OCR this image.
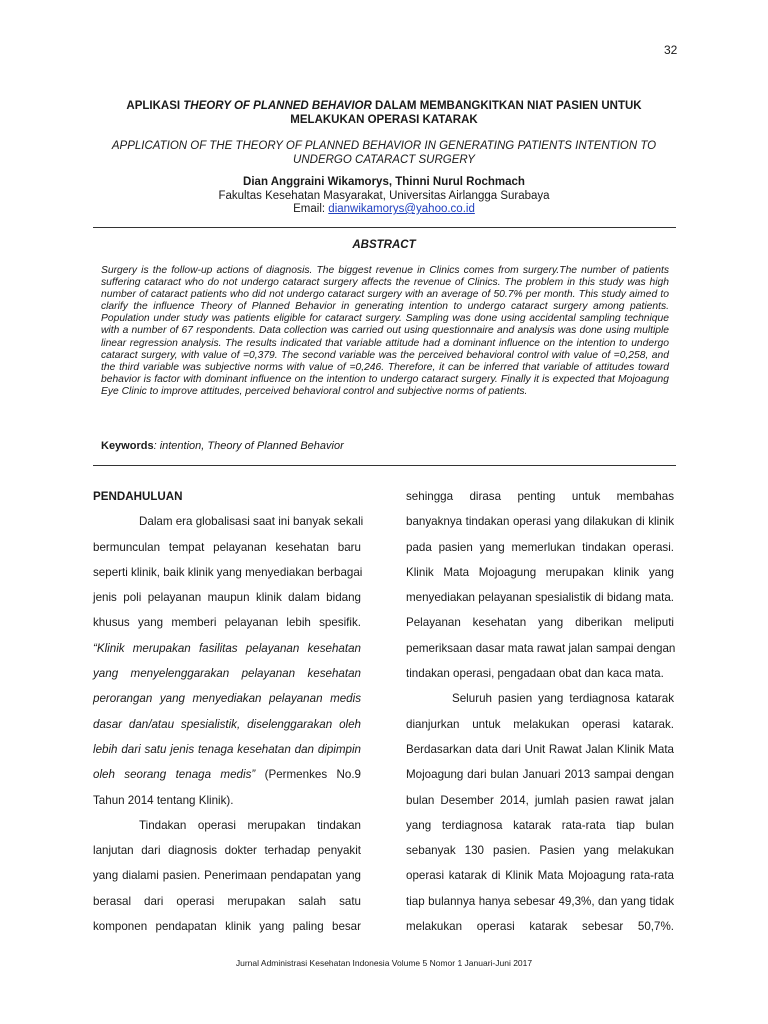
32
APLIKASI THEORY OF PLANNED BEHAVIOR DALAM MEMBANGKITKAN NIAT PASIEN UNTUK
MELAKUKAN OPERASI KATARAK
APPLICATION OF THE THEORY OF PLANNED BEHAVIOR IN GENERATING PATIENTS INTENTION TO
UNDERGO CATARACT SURGERY
Dian Anggraini Wikamorys, Thinni Nurul Rochmach
Fakultas Kesehatan Masyarakat, Universitas Airlangga Surabaya
Email: dianwikamorys@yahoo.co.id
ABSTRACT

Surgery is the follow-up actions of diagnosis. The biggest revenue in Clinics comes from surgery.The number of patients suffering cataract who do not undergo cataract surgery affects the revenue of Clinics. The problem in this study was high number of cataract patients who did not undergo cataract surgery with an average of 50.7% per month. This study aimed to clarify the influence Theory of Planned Behavior in generating intention to undergo cataract surgery among patients. Population under study was patients eligible for cataract surgery. Sampling was done using accidental sampling technique with a number of 67 respondents. Data collection was carried out using questionnaire and analysis was done using multiple linear regression analysis. The results indicated that variable attitude had a dominant influence on the intention to undergo cataract surgery, with value of =0,379. The second variable was the perceived behavioral control with value of =0,258, and the third variable was subjective norms with value of =0,246. Therefore, it can be inferred that variable of attitudes toward behavior is factor with dominant influence on the intention to undergo cataract surgery. Finally it is expected that Mojoagung Eye Clinic to improve attitudes, perceived behavioral control and subjective norms of patients.

Keywords: intention, Theory of Planned Behavior
PENDAHULUAN
Dalam era globalisasi saat ini banyak sekali
bermunculan tempat pelayanan kesehatan baru
seperti klinik, baik klinik yang menyediakan berbagai
jenis poli pelayanan maupun klinik dalam bidang
khusus yang memberi pelayanan lebih spesifik.
“Klinik merupakan fasilitas pelayanan kesehatan
yang menyelenggarakan pelayanan kesehatan
perorangan yang menyediakan pelayanan medis
dasar dan/atau spesialistik, diselenggarakan oleh
lebih dari satu jenis tenaga kesehatan dan dipimpin
oleh seorang tenaga medis” (Permenkes No.9
Tahun 2014 tentang Klinik).
Tindakan operasi merupakan tindakan
lanjutan dari diagnosis dokter terhadap penyakit
yang dialami pasien. Penerimaan pendapatan yang
berasal dari operasi merupakan salah satu
komponen pendapatan klinik yang paling besar
sehingga dirasa penting untuk membahas
banyaknya tindakan operasi yang dilakukan di klinik
pada pasien yang memerlukan tindakan operasi.
Klinik Mata Mojoagung merupakan klinik yang
menyediakan pelayanan spesialistik di bidang mata.
Pelayanan kesehatan yang diberikan meliputi
pemeriksaan dasar mata rawat jalan sampai dengan
tindakan operasi, pengadaan obat dan kaca mata.
Seluruh pasien yang terdiagnosa katarak
dianjurkan untuk melakukan operasi katarak.
Berdasarkan data dari Unit Rawat Jalan Klinik Mata
Mojoagung dari bulan Januari 2013 sampai dengan
bulan Desember 2014, jumlah pasien rawat jalan
yang terdiagnosa katarak rata-rata tiap bulan
sebanyak 130 pasien. Pasien yang melakukan
operasi katarak di Klinik Mata Mojoagung rata-rata
tiap bulannya hanya sebesar 49,3%, dan yang tidak
melakukan operasi katarak sebesar 50,7%.
Jurnal Administrasi Kesehatan Indonesia Volume 5 Nomor 1 Januari-Juni 2017
